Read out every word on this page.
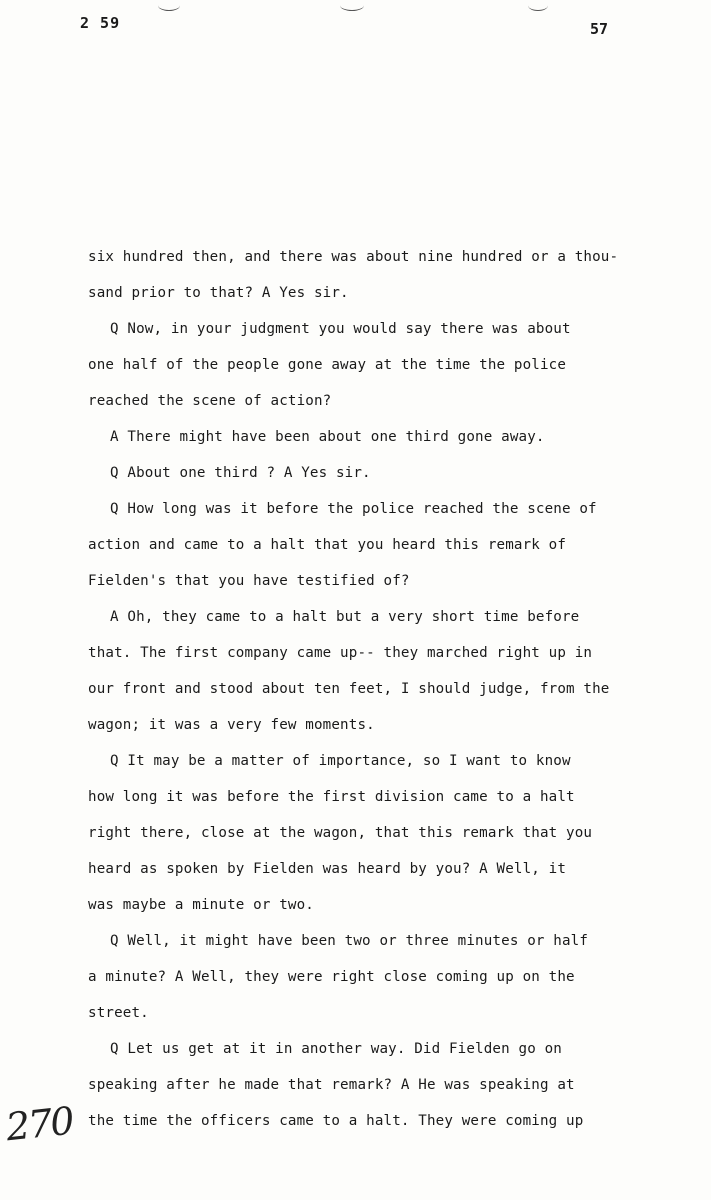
2 59	57
six hundred then, and there was about nine hundred or a thou-
sand prior to that? A Yes sir.
Q Now, in your judgment you would say there was about
one half of the people gone away at the time the police
reached the scene of action?
A There might have been about one third gone away.
Q About one third ? A Yes sir.
Q How long was it before the police reached the scene of
action and came to a halt that you heard this remark of
Fielden's that you have testified of?
A Oh, they came to a halt but a very short time before
that. The first company came up-- they marched right up in
our front and stood about ten feet, I should judge, from the
wagon; it was a very few moments.
Q It may be a matter of importance, so I want to know
how long it was before the first division came to a halt
right there, close at the wagon, that this remark that you
heard as spoken by Fielden was heard by you? A Well, it
was maybe a minute or two.
Q Well, it might have been two or three minutes or half
a minute? A Well, they were right close coming up on the
street.
Q Let us get at it in another way. Did Fielden go on
speaking after he made that remark? A He was speaking at
the time the officers came to a halt. They were coming up
270
